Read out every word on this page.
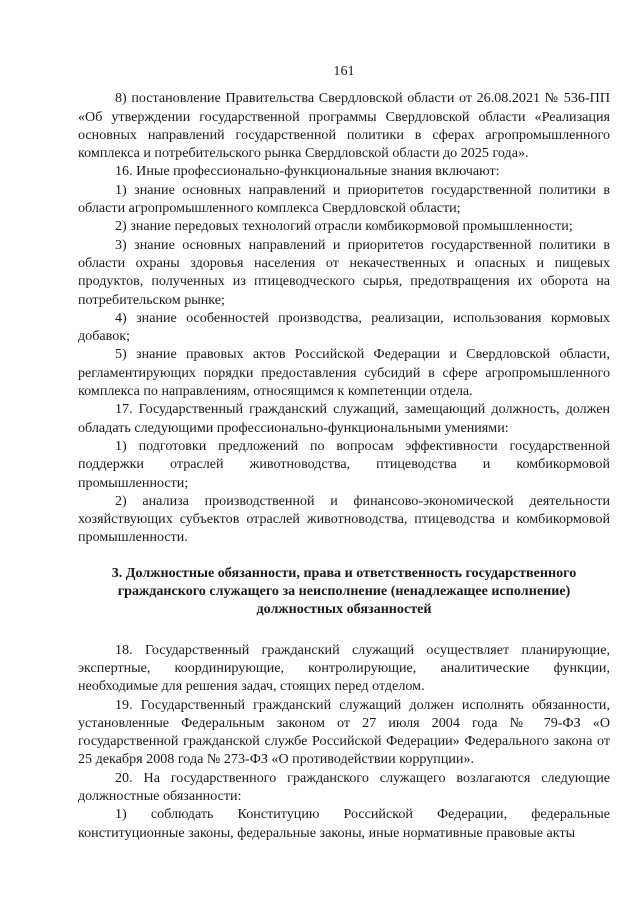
161

8) постановление Правительства Свердловской области от 26.08.2021 № 536-ПП «Об утверждении государственной программы Свердловской области «Реализация основных направлений государственной политики в сферах агропромышленного комплекса и потребительского рынка Свердловской области до 2025 года».

16. Иные профессионально-функциональные знания включают:

1) знание основных направлений и приоритетов государственной политики в области агропромышленного комплекса Свердловской области;

2) знание передовых технологий отрасли комбикормовой промышленности;

3) знание основных направлений и приоритетов государственной политики в области охраны здоровья населения от некачественных и опасных и пищевых продуктов, полученных из птицеводческого сырья, предотвращения их оборота на потребительском рынке;

4) знание особенностей производства, реализации, использования кормовых добавок;

5) знание правовых актов Российской Федерации и Свердловской области, регламентирующих порядки предоставления субсидий в сфере агропромышленного комплекса по направлениям, относящимся к компетенции отдела.

17. Государственный гражданский служащий, замещающий должность, должен обладать следующими профессионально-функциональными умениями:

1) подготовки предложений по вопросам эффективности государственной поддержки отраслей животноводства, птицеводства и комбикормовой промышленности;

2) анализа производственной и финансово-экономической деятельности хозяйствующих субъектов отраслей животноводства, птицеводства и комбикормовой промышленности.

3. Должностные обязанности, права и ответственность государственного гражданского служащего за неисполнение (ненадлежащее исполнение) должностных обязанностей

18. Государственный гражданский служащий осуществляет планирующие, экспертные, координирующие, контролирующие, аналитические функции, необходимые для решения задач, стоящих перед отделом.

19. Государственный гражданский служащий должен исполнять обязанности, установленные Федеральным законом от 27 июля 2004 года № 79-ФЗ «О государственной гражданской службе Российской Федерации» Федерального закона от 25 декабря 2008 года № 273-ФЗ «О противодействии коррупции».

20. На государственного гражданского служащего возлагаются следующие должностные обязанности:

1) соблюдать Конституцию Российской Федерации, федеральные конституционные законы, федеральные законы, иные нормативные правовые акты
